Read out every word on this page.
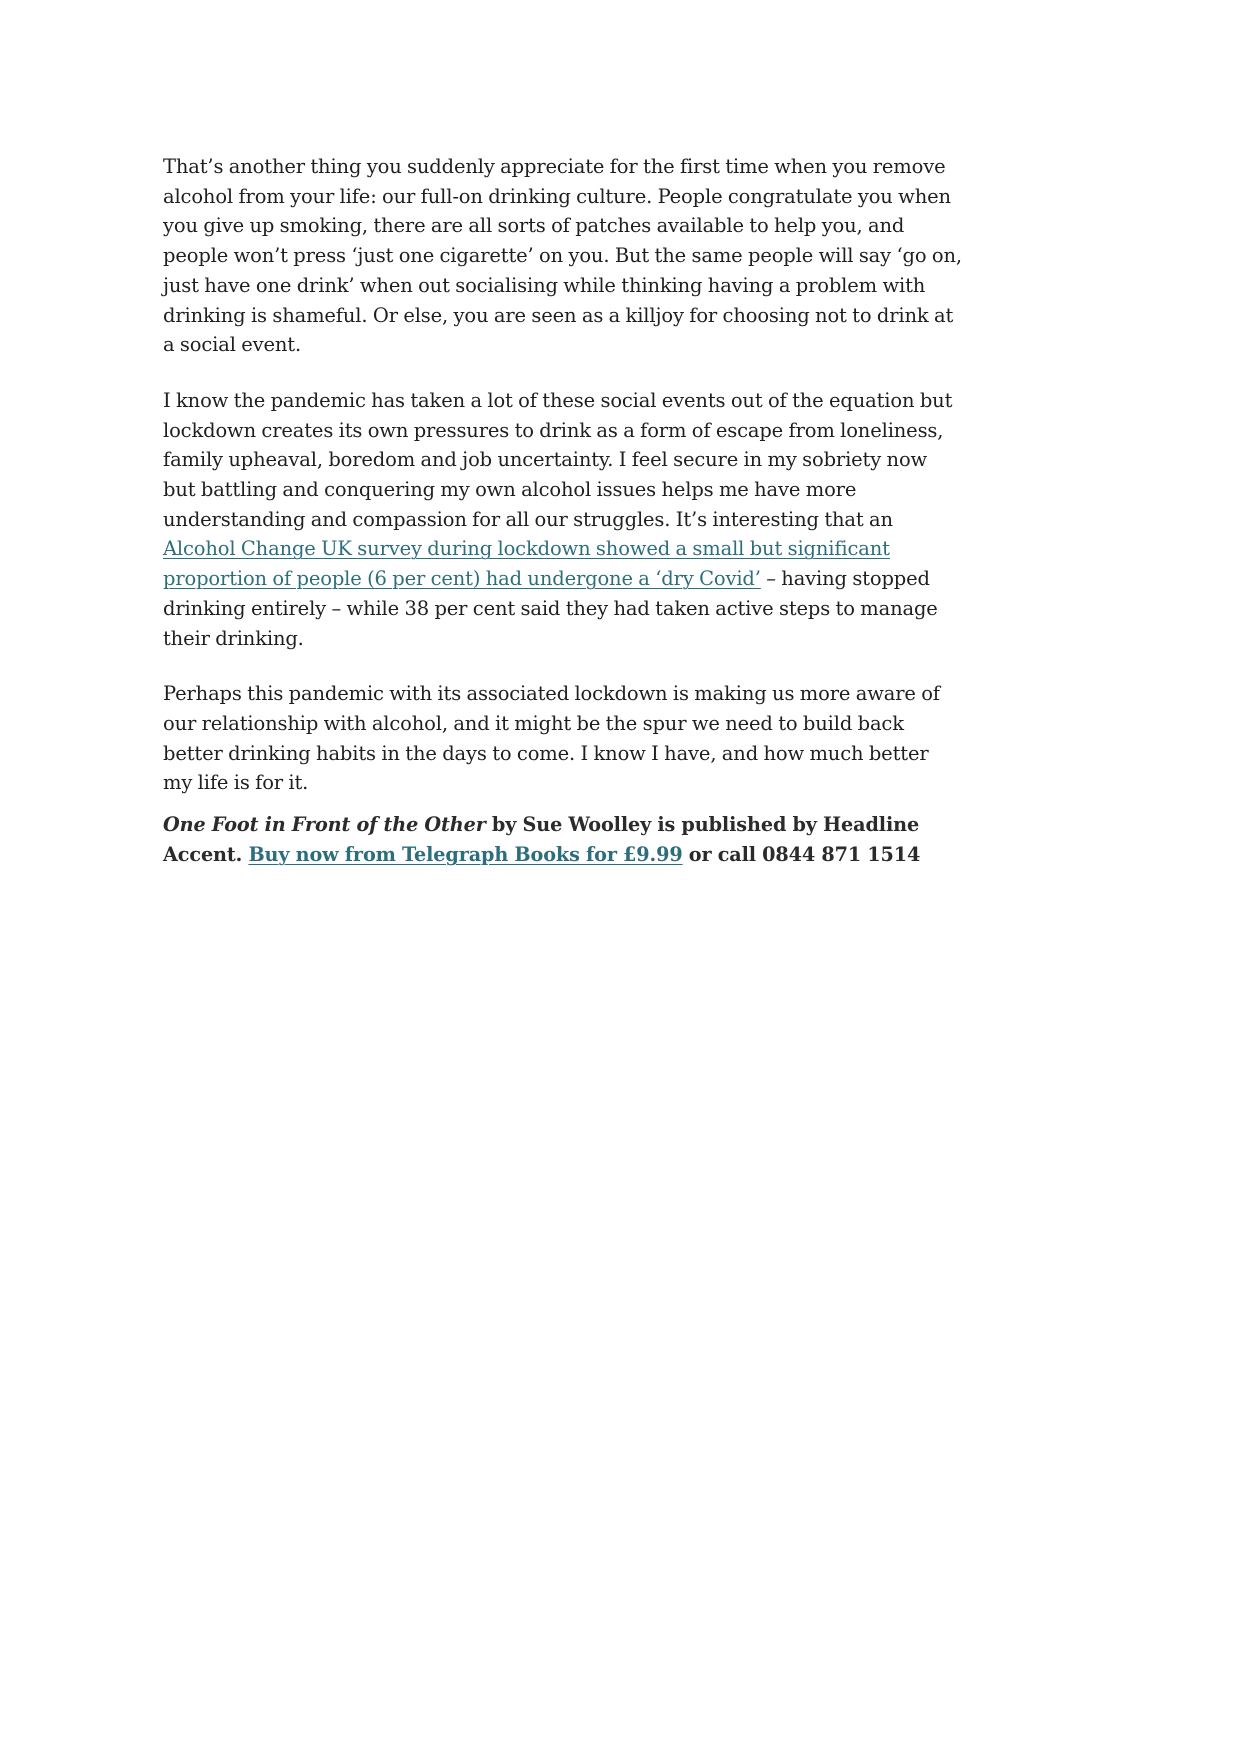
That’s another thing you suddenly appreciate for the first time when you remove alcohol from your life: our full-on drinking culture. People congratulate you when you give up smoking, there are all sorts of patches available to help you, and people won’t press ‘just one cigarette’ on you. But the same people will say ‘go on, just have one drink’ when out socialising while thinking having a problem with drinking is shameful. Or else, you are seen as a killjoy for choosing not to drink at a social event.

I know the pandemic has taken a lot of these social events out of the equation but lockdown creates its own pressures to drink as a form of escape from loneliness, family upheaval, boredom and job uncertainty. I feel secure in my sobriety now but battling and conquering my own alcohol issues helps me have more understanding and compassion for all our struggles. It’s interesting that an Alcohol Change UK survey during lockdown showed a small but significant proportion of people (6 per cent) had undergone a ‘dry Covid’ – having stopped drinking entirely – while 38 per cent said they had taken active steps to manage their drinking.

Perhaps this pandemic with its associated lockdown is making us more aware of our relationship with alcohol, and it might be the spur we need to build back better drinking habits in the days to come. I know I have, and how much better my life is for it.

One Foot in Front of the Other by Sue Woolley is published by Headline Accent. Buy now from Telegraph Books for £9.99 or call 0844 871 1514
